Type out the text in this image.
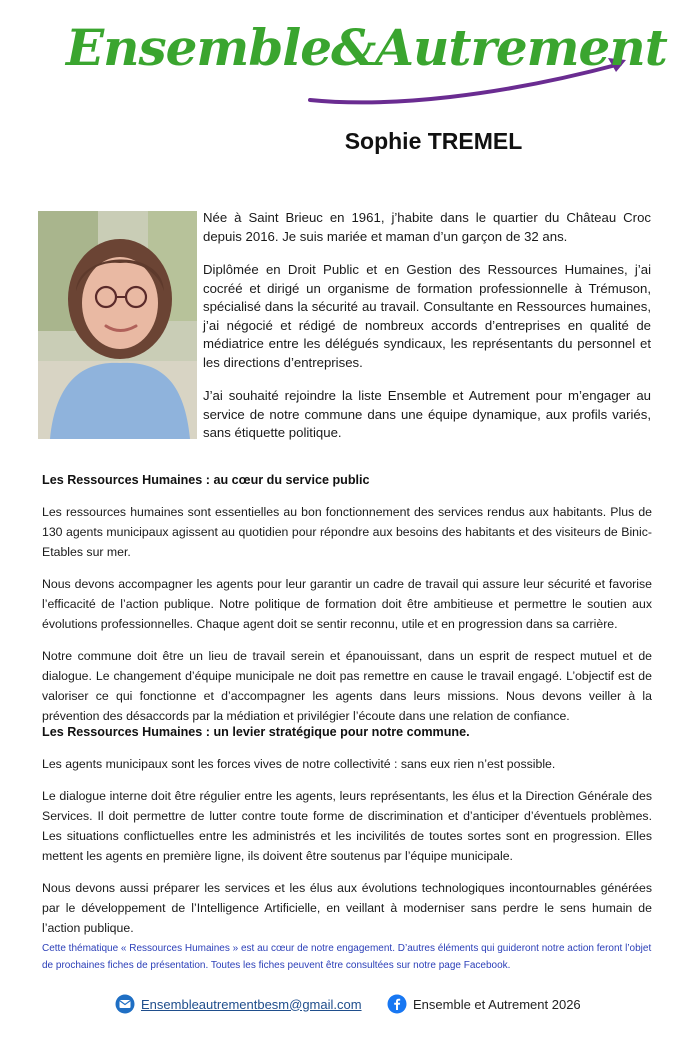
Ensemble&Autrement
Sophie TREMEL

Née à Saint Brieuc en 1961, j’habite dans le quartier du Château Croc depuis 2016. Je suis mariée et maman d’un garçon de 32 ans.

Diplômée en Droit Public et en Gestion des Ressources Humaines, j’ai cocréé et dirigé un organisme de formation professionnelle à Trémuson, spécialisé dans la sécurité au travail. Consultante en Ressources humaines, j’ai négocié et rédigé de nombreux accords d’entreprises en qualité de médiatrice entre les délégués syndicaux, les représentants du personnel et les directions d’entreprises.

J’ai souhaité rejoindre la liste Ensemble et Autrement pour m’engager au service de notre commune dans une équipe dynamique, aux profils variés, sans étiquette politique.

Les Ressources Humaines : au cœur du service public

Les ressources humaines sont essentielles au bon fonctionnement des services rendus aux habitants. Plus de 130 agents municipaux agissent au quotidien pour répondre aux besoins des habitants et des visiteurs de Binic-Etables sur mer.

Nous devons accompagner les agents pour leur garantir un cadre de travail qui assure leur sécurité et favorise l’efficacité de l’action publique. Notre politique de formation doit être ambitieuse et permettre le soutien aux évolutions professionnelles. Chaque agent doit se sentir reconnu, utile et en progression dans sa carrière.

Notre commune doit être un lieu de travail serein et épanouissant, dans un esprit de respect mutuel et de dialogue. Le changement d’équipe municipale ne doit pas remettre en cause le travail engagé. L’objectif est de valoriser ce qui fonctionne et d’accompagner les agents dans leurs missions. Nous devons veiller à la prévention des désaccords par la médiation et privilégier l’écoute dans une relation de confiance.

Les Ressources Humaines : un levier stratégique pour notre commune.

Les agents municipaux sont les forces vives de notre collectivité : sans eux rien n’est possible.

Le dialogue interne doit être régulier entre les agents, leurs représentants, les élus et la Direction Générale des Services. Il doit permettre de lutter contre toute forme de discrimination et d’anticiper d’éventuels problèmes. Les situations conflictuelles entre les administrés et les incivilités de toutes sortes sont en progression. Elles mettent les agents en première ligne, ils doivent être soutenus par l’équipe municipale.

Nous devons aussi préparer les services et les élus aux évolutions technologiques incontournables générées par le développement de l’Intelligence Artificielle, en veillant à moderniser sans perdre le sens humain de l’action publique.

Cette thématique « Ressources Humaines » est au cœur de notre engagement. D’autres éléments qui guideront notre action feront l’objet de prochaines fiches de présentation. Toutes les fiches peuvent être consultées sur notre page Facebook.
Ensembleautrementbesm@gmail.com	Ensemble et Autrement 2026
